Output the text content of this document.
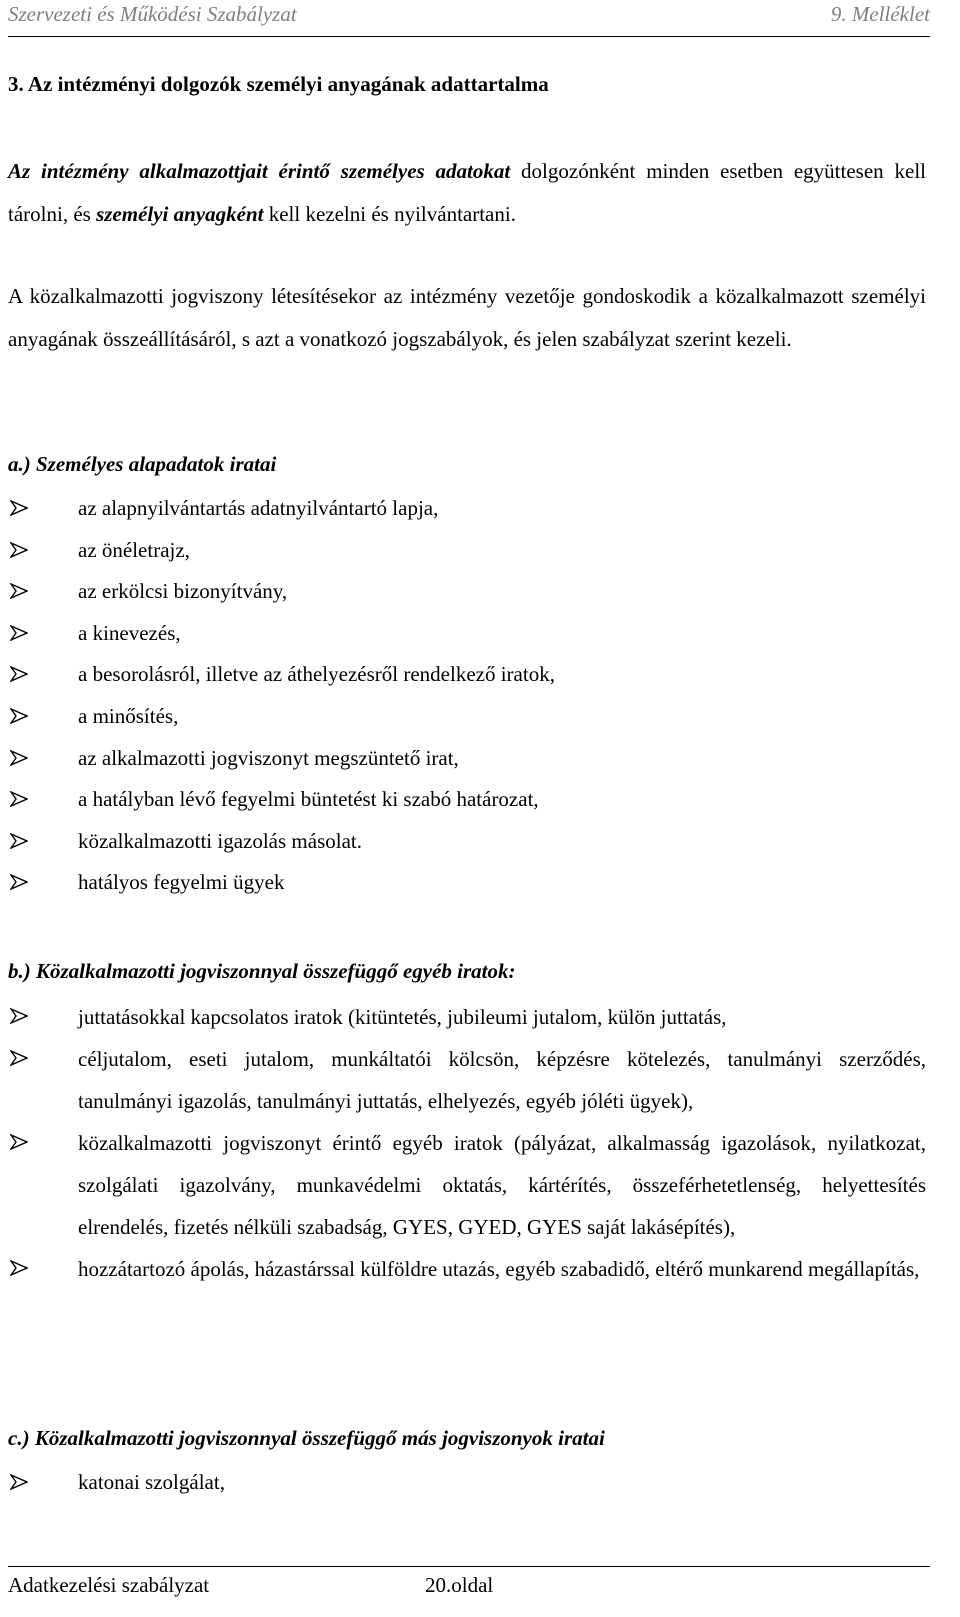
Szervezeti és Működési Szabályzat	9. Melléklet
3. Az intézményi dolgozók személyi anyagának adattartalma

Az intézmény alkalmazottjait érintő személyes adatokat dolgozónként minden esetben együttesen kell tárolni, és személyi anyagként kell kezelni és nyilvántartani.

A közalkalmazotti jogviszony létesítésekor az intézmény vezetője gondoskodik a közalkalmazott személyi anyagának összeállításáról, s azt a vonatkozó jogszabályok, és jelen szabályzat szerint kezeli.

a.) Személyes alapadatok iratai

az alapnyilvántartás adatnyilvántartó lapja,
az önéletrajz,
az erkölcsi bizonyítvány,
a kinevezés,
a besorolásról, illetve az áthelyezésről rendelkező iratok,
a minősítés,
az alkalmazotti jogviszonyt megszüntető irat,
a hatályban lévő fegyelmi büntetést ki szabó határozat,
közalkalmazotti igazolás másolat.
hatályos fegyelmi ügyek

b.) Közalkalmazotti jogviszonnyal összefüggő egyéb iratok:

juttatásokkal kapcsolatos iratok (kitüntetés, jubileumi jutalom, külön juttatás,
céljutalom, eseti jutalom, munkáltatói kölcsön, képzésre kötelezés, tanulmányi szerződés, tanulmányi igazolás, tanulmányi juttatás, elhelyezés, egyéb jóléti ügyek),
közalkalmazotti jogviszonyt érintő egyéb iratok (pályázat, alkalmasság igazolások, nyilatkozat, szolgálati igazolvány, munkavédelmi oktatás, kártérítés, összeférhetetlenség, helyettesítés elrendelés, fizetés nélküli szabadság, GYES, GYED, GYES saját lakásépítés),
hozzátartozó ápolás, házastárssal külföldre utazás, egyéb szabadidő, eltérő munkarend megállapítás,

c.) Közalkalmazotti jogviszonnyal összefüggő más jogviszonyok iratai

katonai szolgálat,
Adatkezelési szabályzat	20.oldal
